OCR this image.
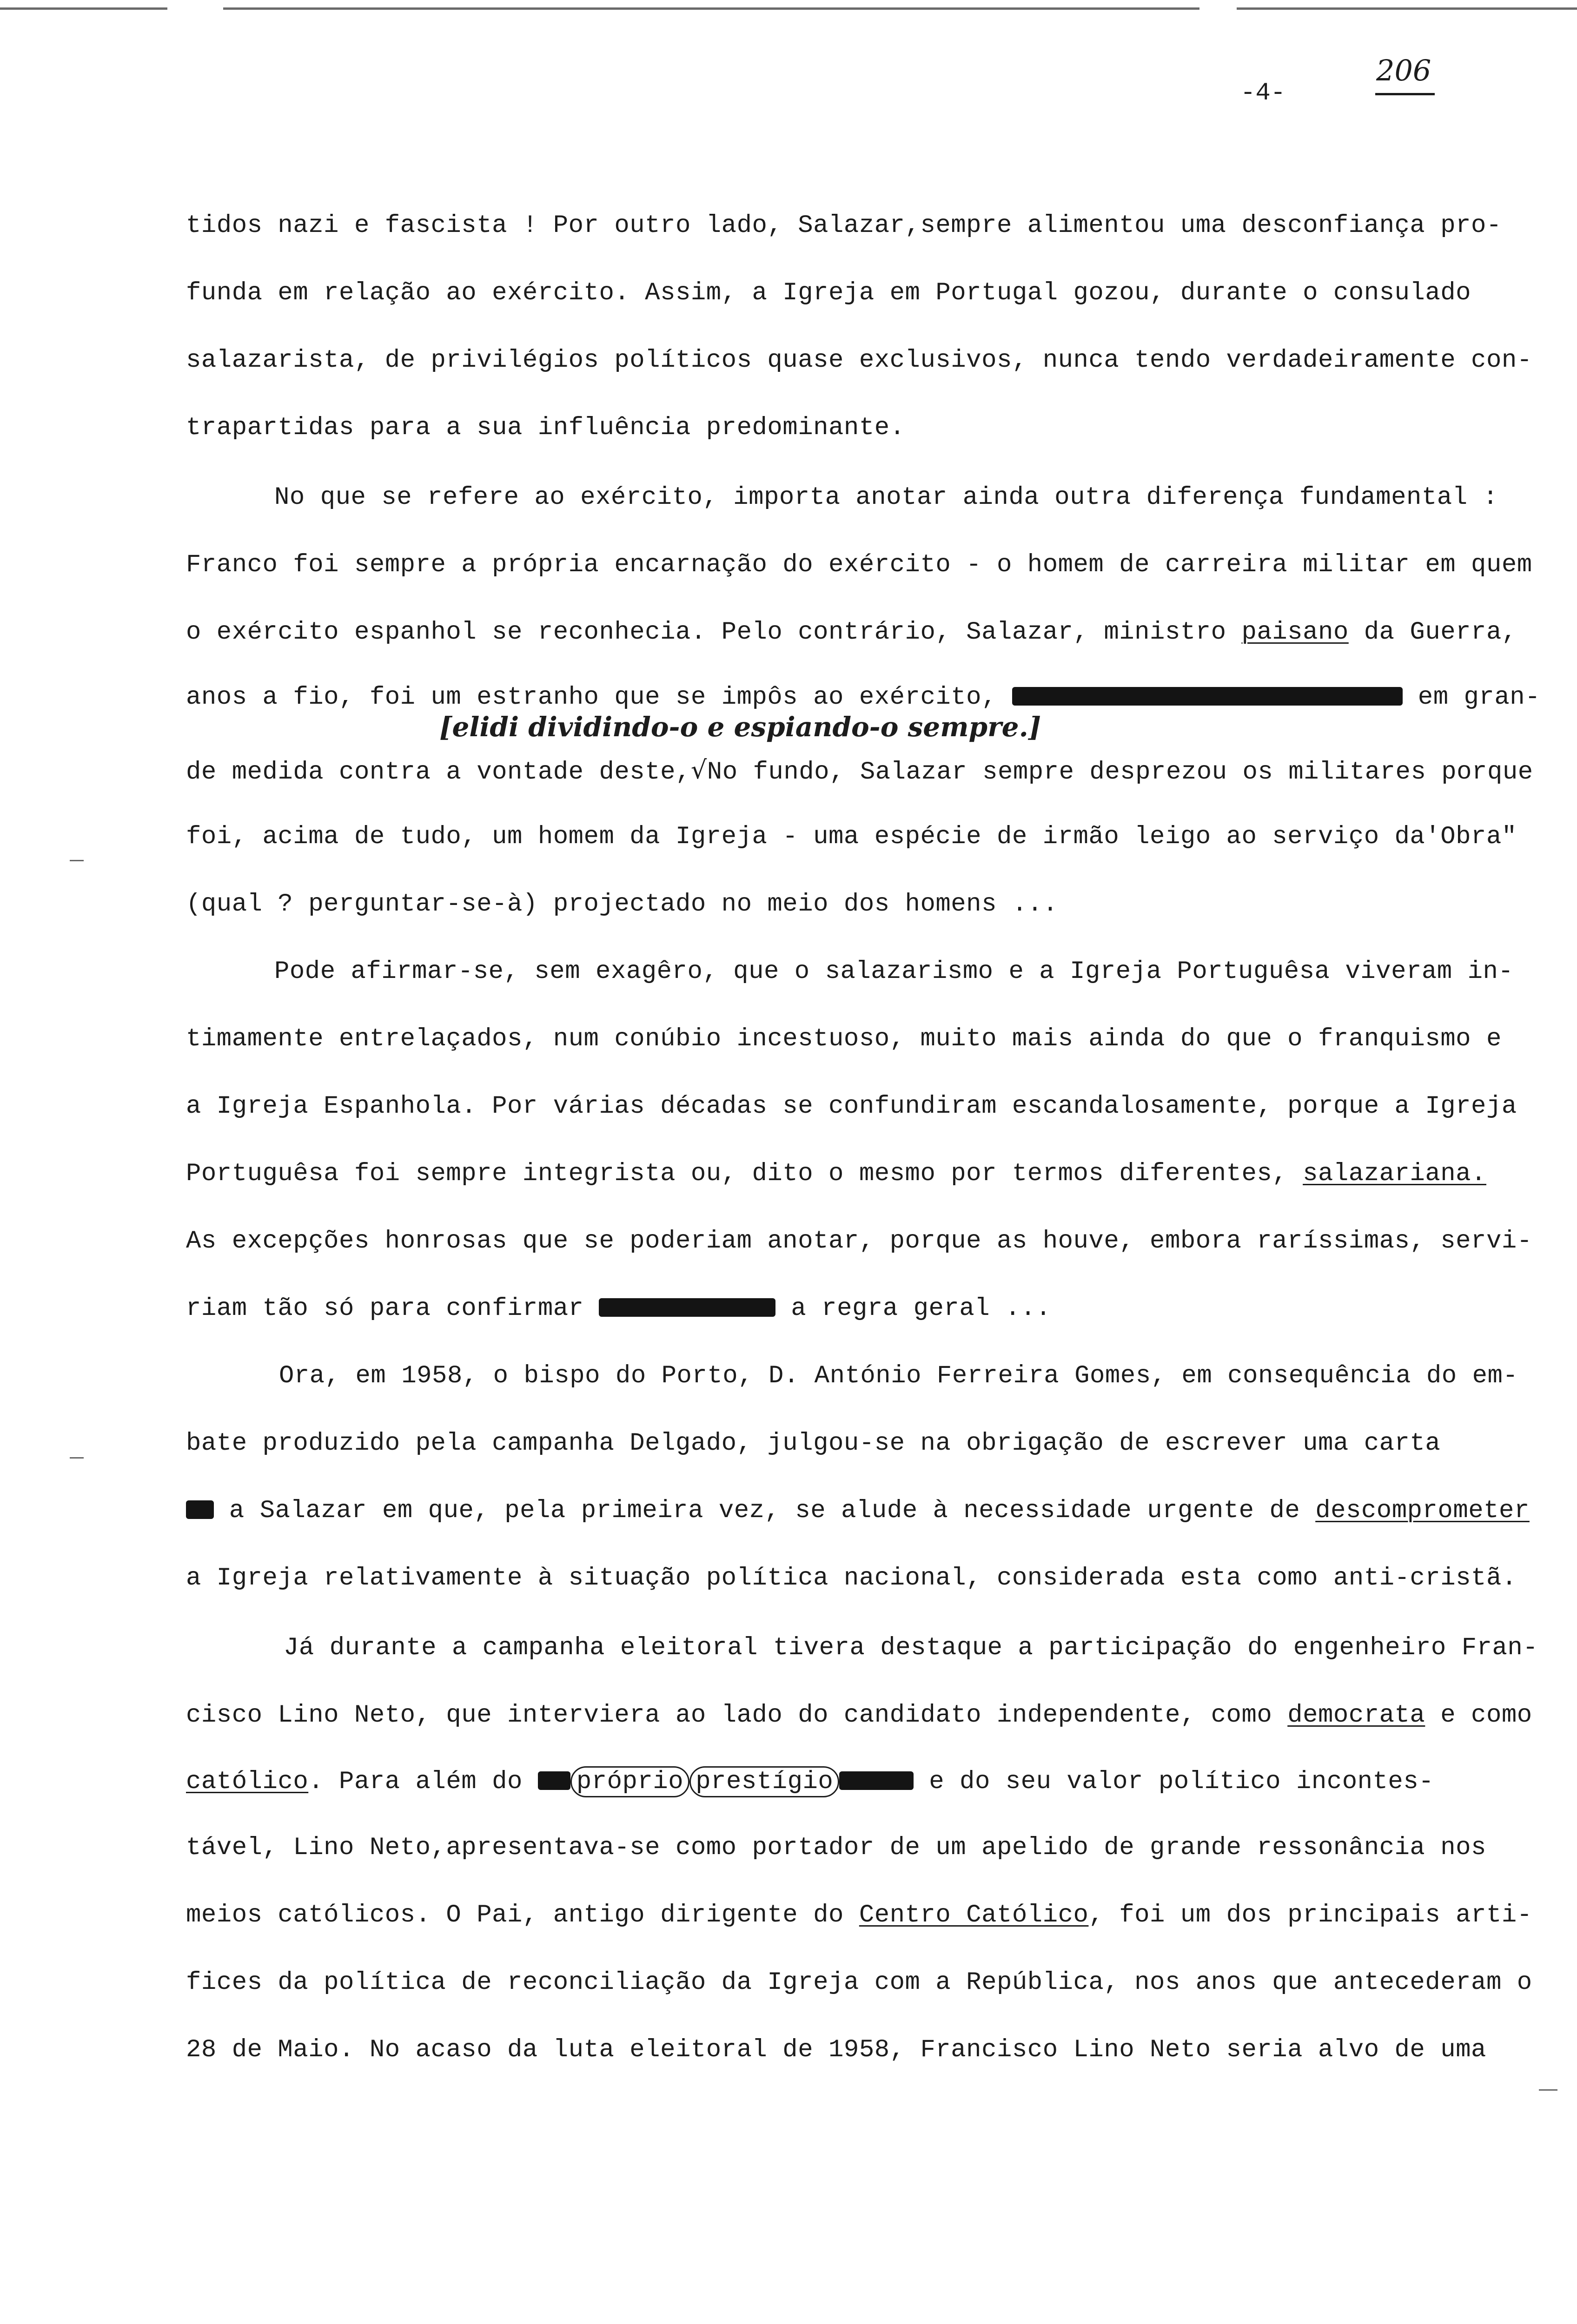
-4-
206
tidos nazi e fascista ! Por outro lado, Salazar,sempre alimentou uma desconfiança pro-
funda em relação ao exército. Assim, a Igreja em Portugal gozou, durante o consulado
salazarista, de privilégios políticos quase exclusivos, nunca tendo verdadeiramente con-
trapartidas para a sua influência predominante.
No que se refere ao exército, importa anotar ainda outra diferença fundamental :
Franco foi sempre a própria encarnação do exército - o homem de carreira militar em quem
o exército espanhol se reconhecia. Pelo contrário, Salazar, ministro paisano da Guerra,
anos a fio, foi um estranho que se impôs ao exército,	em gran-
[elidi dividindo-o e espiando-o sempre.]
de medida contra a vontade deste,√No fundo, Salazar sempre desprezou os militares porque
foi, acima de tudo, um homem da Igreja - uma espécie de irmão leigo ao serviço da'Obra"
(qual ? perguntar-se-à) projectado no meio dos homens ...
Pode afirmar-se, sem exagêro, que o salazarismo e a Igreja Portuguêsa viveram in-
timamente entrelaçados, num conúbio incestuoso, muito mais ainda do que o franquismo e
a Igreja Espanhola. Por várias décadas se confundiram escandalosamente, porque a Igreja
Portuguêsa foi sempre integrista ou, dito o mesmo por termos diferentes, salazariana.
As excepções honrosas que se poderiam anotar, porque as houve, embora raríssimas, servi-
riam tão só para confirmar	a regra geral ...
Ora, em 1958, o bispo do Porto, D. António Ferreira Gomes, em consequência do em-
bate produzido pela campanha Delgado, julgou-se na obrigação de escrever uma carta
a Salazar em que, pela primeira vez, se alude à necessidade urgente de descomprometer
a Igreja relativamente à situação política nacional, considerada esta como anti-cristã.
Já durante a campanha eleitoral tivera destaque a participação do engenheiro Fran-
cisco Lino Neto, que interviera ao lado do candidato independente, como democrata e como
católico. Para além do próprio prestígio	e do seu valor político incontes-
tável, Lino Neto,apresentava-se como portador de um apelido de grande ressonância nos
meios católicos. O Pai, antigo dirigente do Centro Católico, foi um dos principais arti-
fices da política de reconciliação da Igreja com a República, nos anos que antecederam o
28 de Maio. No acaso da luta eleitoral de 1958, Francisco Lino Neto seria alvo de uma
